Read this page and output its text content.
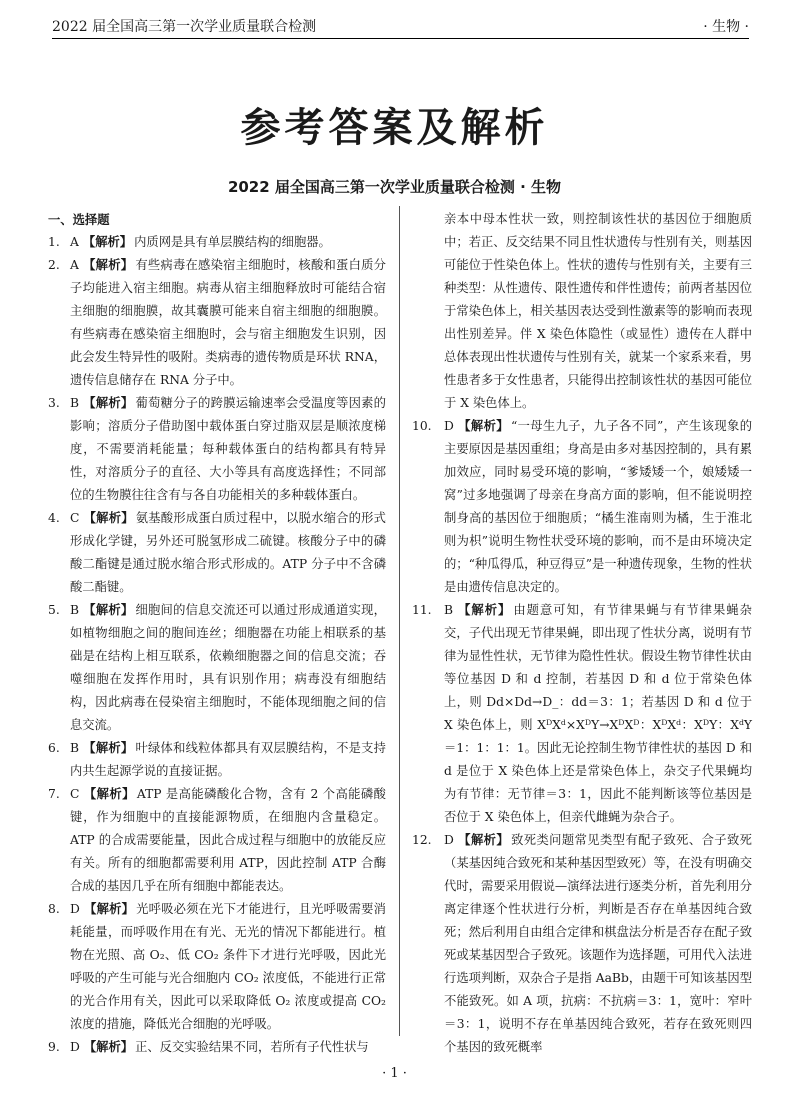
2022 届全国高三第一次学业质量联合检测	· 生物 ·
参考答案及解析
2022 届全国高三第一次学业质量联合检测 · 生物
一、选择题
1. A 【解析】 内质网是具有单层膜结构的细胞器。
2. A 【解析】 有些病毒在感染宿主细胞时，核酸和蛋白质分子均能进入宿主细胞。病毒从宿主细胞释放时可能结合宿主细胞的细胞膜，故其囊膜可能来自宿主细胞的细胞膜。有些病毒在感染宿主细胞时，会与宿主细胞发生识别，因此会发生特异性的吸附。类病毒的遗传物质是环状 RNA，遗传信息储存在 RNA 分子中。
3. B 【解析】 葡萄糖分子的跨膜运输速率会受温度等因素的影响；溶质分子借助图中载体蛋白穿过脂双层是顺浓度梯度，不需要消耗能量；每种载体蛋白的结构都具有特异性，对溶质分子的直径、大小等具有高度选择性；不同部位的生物膜往往含有与各自功能相关的多种载体蛋白。
4. C 【解析】 氨基酸形成蛋白质过程中，以脱水缩合的形式形成化学键，另外还可脱氢形成二硫键。核酸分子中的磷酸二酯键是通过脱水缩合形式形成的。ATP 分子中不含磷酸二酯键。
5. B 【解析】 细胞间的信息交流还可以通过形成通道实现，如植物细胞之间的胞间连丝；细胞器在功能上相联系的基础是在结构上相互联系，依赖细胞器之间的信息交流；吞噬细胞在发挥作用时，具有识别作用；病毒没有细胞结构，因此病毒在侵染宿主细胞时，不能体现细胞之间的信息交流。
6. B 【解析】 叶绿体和线粒体都具有双层膜结构，不是支持内共生起源学说的直接证据。
7. C 【解析】 ATP 是高能磷酸化合物，含有 2 个高能磷酸键，作为细胞中的直接能源物质，在细胞内含量稳定。ATP 的合成需要能量，因此合成过程与细胞中的放能反应有关。所有的细胞都需要利用 ATP，因此控制 ATP 合酶合成的基因几乎在所有细胞中都能表达。
8. D 【解析】 光呼吸必须在光下才能进行，且光呼吸需要消耗能量，而呼吸作用在有光、无光的情况下都能进行。植物在光照、高 O₂、低 CO₂ 条件下才进行光呼吸，因此光呼吸的产生可能与光合细胞内 CO₂ 浓度低，不能进行正常的光合作用有关，因此可以采取降低 O₂ 浓度或提高 CO₂ 浓度的措施，降低光合细胞的光呼吸。
9. D 【解析】 正、反交实验结果不同，若所有子代性状与
亲本中母本性状一致，则控制该性状的基因位于细胞质中；若正、反交结果不同且性状遗传与性别有关，则基因可能位于性染色体上。性状的遗传与性别有关，主要有三种类型：从性遗传、限性遗传和伴性遗传；前两者基因位于常染色体上，相关基因表达受到性激素等的影响而表现出性别差异。伴 X 染色体隐性（或显性）遗传在人群中总体表现出性状遗传与性别有关，就某一个家系来看，男性患者多于女性患者，只能得出控制该性状的基因可能位于 X 染色体上。
10. D 【解析】 “一母生九子，九子各不同”，产生该现象的主要原因是基因重组；身高是由多对基因控制的，具有累加效应，同时易受环境的影响，“爹矮矮一个，娘矮矮一窝”过多地强调了母亲在身高方面的影响，但不能说明控制身高的基因位于细胞质；“橘生淮南则为橘，生于淮北则为枳”说明生物性状受环境的影响，而不是由环境决定的；“种瓜得瓜，种豆得豆”是一种遗传现象，生物的性状是由遗传信息决定的。
11. B 【解析】 由题意可知，有节律果蝇与有节律果蝇杂交，子代出现无节律果蝇，即出现了性状分离，说明有节律为显性性状，无节律为隐性性状。假设生物节律性状由等位基因 D 和 d 控制，若基因 D 和 d 位于常染色体上，则 Dd×Dd→D_：dd＝3：1；若基因 D 和 d 位于 X 染色体上，则 XᴰXᵈ×XᴰY→XᴰXᴰ：XᴰXᵈ：XᴰY：XᵈY＝1：1：1：1。因此无论控制生物节律性状的基因 D 和 d 是位于 X 染色体上还是常染色体上，杂交子代果蝇均为有节律：无节律＝3：1，因此不能判断该等位基因是否位于 X 染色体上，但亲代雌蝇为杂合子。
12. D 【解析】 致死类问题常见类型有配子致死、合子致死（某基因纯合致死和某种基因型致死）等，在没有明确交代时，需要采用假说—演绎法进行逐类分析，首先利用分离定律逐个性状进行分析，判断是否存在单基因纯合致死；然后利用自由组合定律和棋盘法分析是否存在配子致死或某基因型合子致死。该题作为选择题，可用代入法进行选项判断，双杂合子是指 AaBb，由题干可知该基因型不能致死。如 A 项，抗病：不抗病＝3：1，宽叶：窄叶＝3：1，说明不存在单基因纯合致死，若存在致死则四个基因的致死概率
· 1 ·
